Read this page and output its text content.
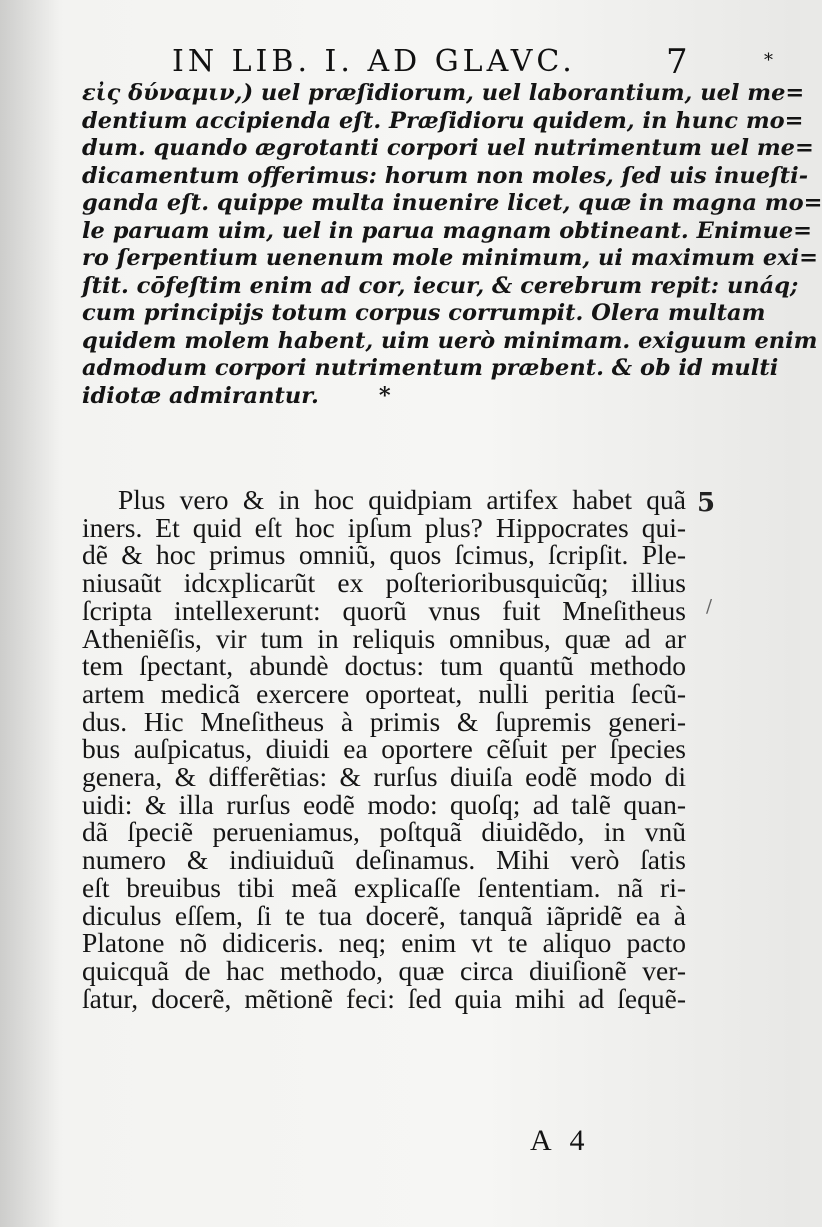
IN LIB. I. AD GLAVC.	7	*
εἰς δύναμιν,) uel præſidiorum, uel laborantium, uel me=
dentium accipienda eſt. Præſidioru quidem, in hunc mo=
dum. quando ægrotanti corpori uel nutrimentum uel me=
dicamentum offerimus: horum non moles, ſed uis inueſti-
ganda eſt. quippe multa inuenire licet, quæ in magna mo=
le paruam uim, uel in parua magnam obtineant. Enimue=
ro ſerpentium uenenum mole minimum, ui maximum exi=
ſtit. cōfeſtim enim ad cor, iecur, & cerebrum repit: unáq;
cum principijs totum corpus corrumpit. Olera multam
quidem molem habent, uim uerò minimam. exiguum enim
admodum corpori nutrimentum præbent. & ob id multi
idiotæ admirantur.	*
Plus vero & in hoc quidpiam artifex habet quã
iners. Et quid eſt hoc ipſum plus? Hippocrates qui-
dẽ & hoc primus omniũ, quos ſcimus, ſcripſit. Ple-
niusaũt idcxplicarũt ex poſterioribusquicũq; illius
ſcripta intellexerunt: quorũ vnus fuit Mneſitheus
Atheniẽſis, vir tum in reliquis omnibus, quæ ad ar
tem ſpectant, abundè doctus: tum quantũ methodo
artem medicã exercere oporteat, nulli peritia ſecũ-
dus. Hic Mneſitheus à primis & ſupremis generi-
bus auſpicatus, diuidi ea oportere cẽſuit per ſpecies
genera, & differẽtias: & rurſus diuiſa eodẽ modo di
uidi: & illa rurſus eodẽ modo: quoſq; ad talẽ quan-
dã ſpeciẽ perueniamus, poſtquã diuidẽdo, in vnũ
numero & indiuiduũ deſinamus. Mihi verò ſatis
eſt breuibus tibi meã explicaſſe ſententiam. nã ri-
diculus eſſem, ſi te tua docerẽ, tanquã iãpridẽ ea à
Platone nõ didiceris. neq; enim vt te aliquo pacto
quicquã de hac methodo, quæ circa diuiſionẽ ver-
ſatur, docerẽ, mẽtionẽ feci: ſed quia mihi ad ſequẽ-
5
/
A 4
